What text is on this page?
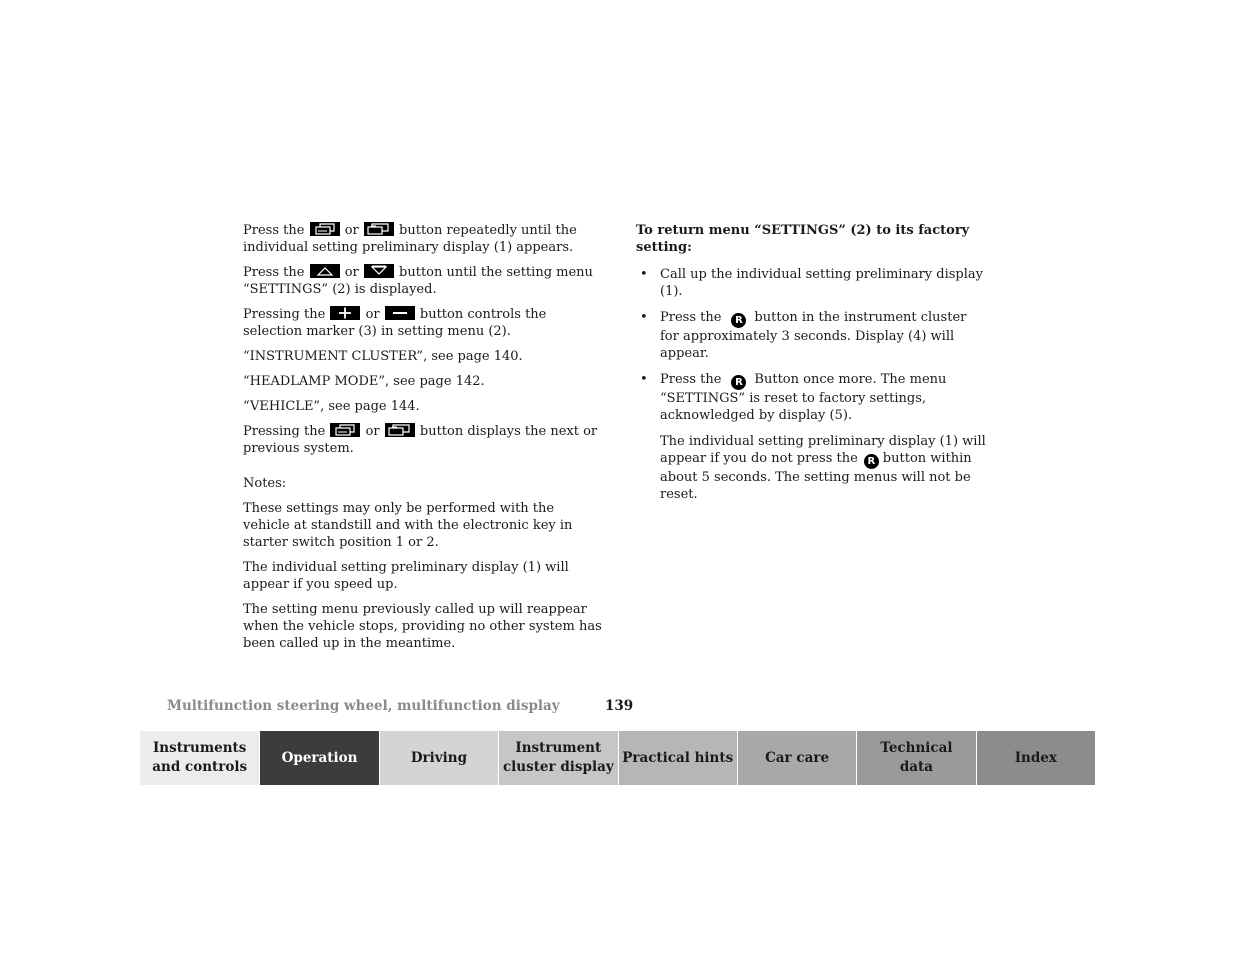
Press the	or	button repeatedly until the individual setting preliminary display (1) appears.

Press the	or	button until the setting menu “SETTINGS” (2) is displayed.

Pressing the	or	button controls the selection marker (3) in setting menu (2).

“INSTRUMENT CLUSTER”, see page 140.

“HEADLAMP MODE”, see page 142.

“VEHICLE”, see page 144.

Pressing the	or	button displays the next or previous system.

Notes:

These settings may only be performed with the vehicle at standstill and with the electronic key in starter switch position 1 or 2.

The individual setting preliminary display (1) will appear if you speed up.

The setting menu previously called up will reappear when the vehicle stops, providing no other system has been called up in the meantime.

To return menu “SETTINGS” (2) to its factory setting:

• Call up the individual setting preliminary display (1).
• Press the R button in the instrument cluster for approximately 3 seconds. Display (4) will appear.
• Press the R Button once more. The menu “SETTINGS” is reset to factory settings, acknowledged by display (5).

The individual setting preliminary display (1) will appear if you do not press the R button within about 5 seconds. The setting menus will not be reset.

Multifunction steering wheel, multifunction display	139
Instruments
and controls
Operation	Driving
Instrument
cluster display
Practical hints	Car care
Technical
data
Index
